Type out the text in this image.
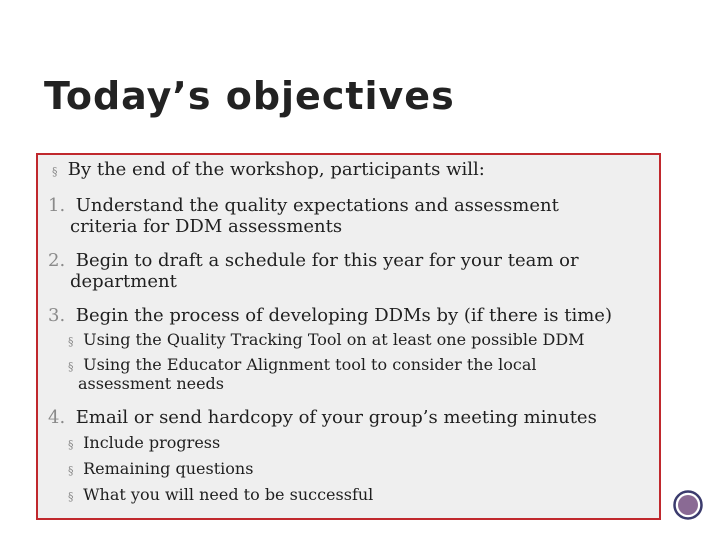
Today’s objectives
§ By the end of the workshop, participants will:
1. Understand the quality expectations and assessment
criteria for DDM assessments
2. Begin to draft a schedule for this year for your team or
department
3. Begin the process of developing DDMs by (if there is time)
§ Using the Quality Tracking Tool on at least one possible DDM
§ Using the Educator Alignment tool to consider the local
assessment needs
4. Email or send hardcopy of your group’s meeting minutes
§ Include progress
§ Remaining questions
§ What you will need to be successful
